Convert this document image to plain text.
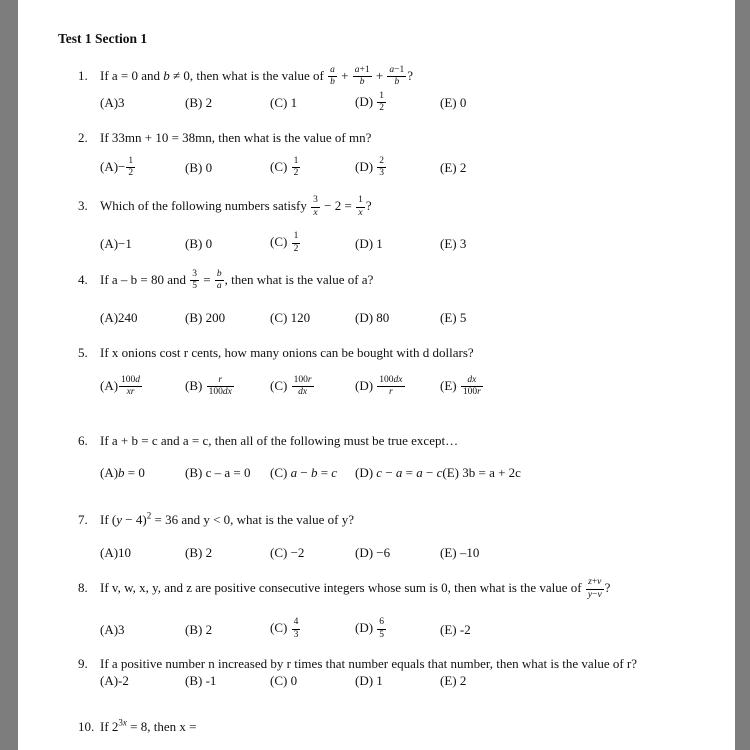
Test 1 Section 1
1. If a = 0 and b ≠ 0, then what is the value of $\frac{a}{b} + \frac{a+1}{b} + \frac{a-1}{b}$ ?
(A)3	(B) 2	(C) 1	$(D) \frac{1}{2}$	(E) 0
2. If 33mn + 10 = 38mn, then what is the value of mn?
$(A)- \frac{1}{2}$	(B) 0	$(C) \frac{1}{2}$	$(D) \frac{2}{3}$	(E) 2
3. Which of the following numbers satisfy $\frac{3}{x} - 2 = \frac{1}{x}$ ?
(A)−1	(B) 0	$(C) \frac{1}{2}$	(D) 1	(E) 3
4. If a – b = 80 and $\frac{3}{5} = \frac{b}{a}$ , then what is the value of a?
(A)240	(B) 200	(C) 120	(D) 80	(E) 5
5. If x onions cost r cents, how many onions can be bought with d dollars?
$(A) \frac{100d}{xr}$	$(B) \frac{r}{100dx}$	$(C) \frac{100r}{dx}$	$(D) \frac{100dx}{r}$	$(E) \frac{dx}{100r}$
6. If a + b = c and a = c, then all of the following must be true except…
(A)b = 0	(B) c – a = 0	(C) a − b = c	(D) c − a = a − c (E) 3b = a + 2c
7. If $(y - 4)^2 = 36$ and y < 0, what is the value of y?
(A)10	(B) 2	(C) −2	(D) −6	(E) –10
8. If v, w, x, y, and z are positive consecutive integers whose sum is 0, then what is the value of $\frac{z+v}{y-v}$ ?
(A)3	(B) 2	$(C) \frac{4}{3}$	$(D) \frac{6}{5}$	(E) -2
9. If a positive number n increased by r times that number equals that number, then what is the value of r?
(A)-2	(B) -1	(C) 0	(D) 1	(E) 2
10. If $2^{3x} = 8$, then x =
